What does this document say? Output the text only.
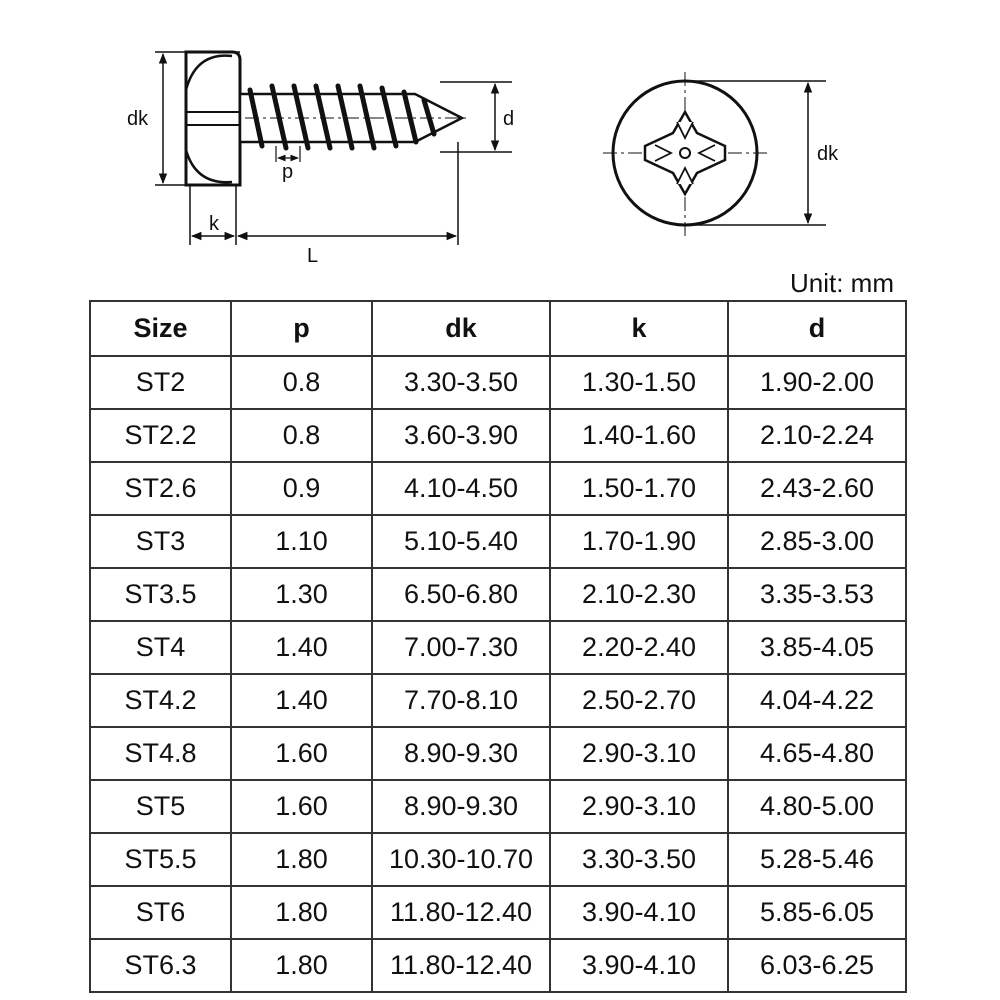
dk	d
p
k
L
dk
Unit: mm
Size	p	dk	k	d
ST2	0.8	3.30-3.50	1.30-1.50	1.90-2.00
ST2.2	0.8	3.60-3.90	1.40-1.60	2.10-2.24
ST2.6	0.9	4.10-4.50	1.50-1.70	2.43-2.60
ST3	1.10	5.10-5.40	1.70-1.90	2.85-3.00
ST3.5	1.30	6.50-6.80	2.10-2.30	3.35-3.53
ST4	1.40	7.00-7.30	2.20-2.40	3.85-4.05
ST4.2	1.40	7.70-8.10	2.50-2.70	4.04-4.22
ST4.8	1.60	8.90-9.30	2.90-3.10	4.65-4.80
ST5	1.60	8.90-9.30	2.90-3.10	4.80-5.00
ST5.5	1.80	10.30-10.70	3.30-3.50	5.28-5.46
ST6	1.80	11.80-12.40	3.90-4.10	5.85-6.05
ST6.3	1.80	11.80-12.40	3.90-4.10	6.03-6.25
